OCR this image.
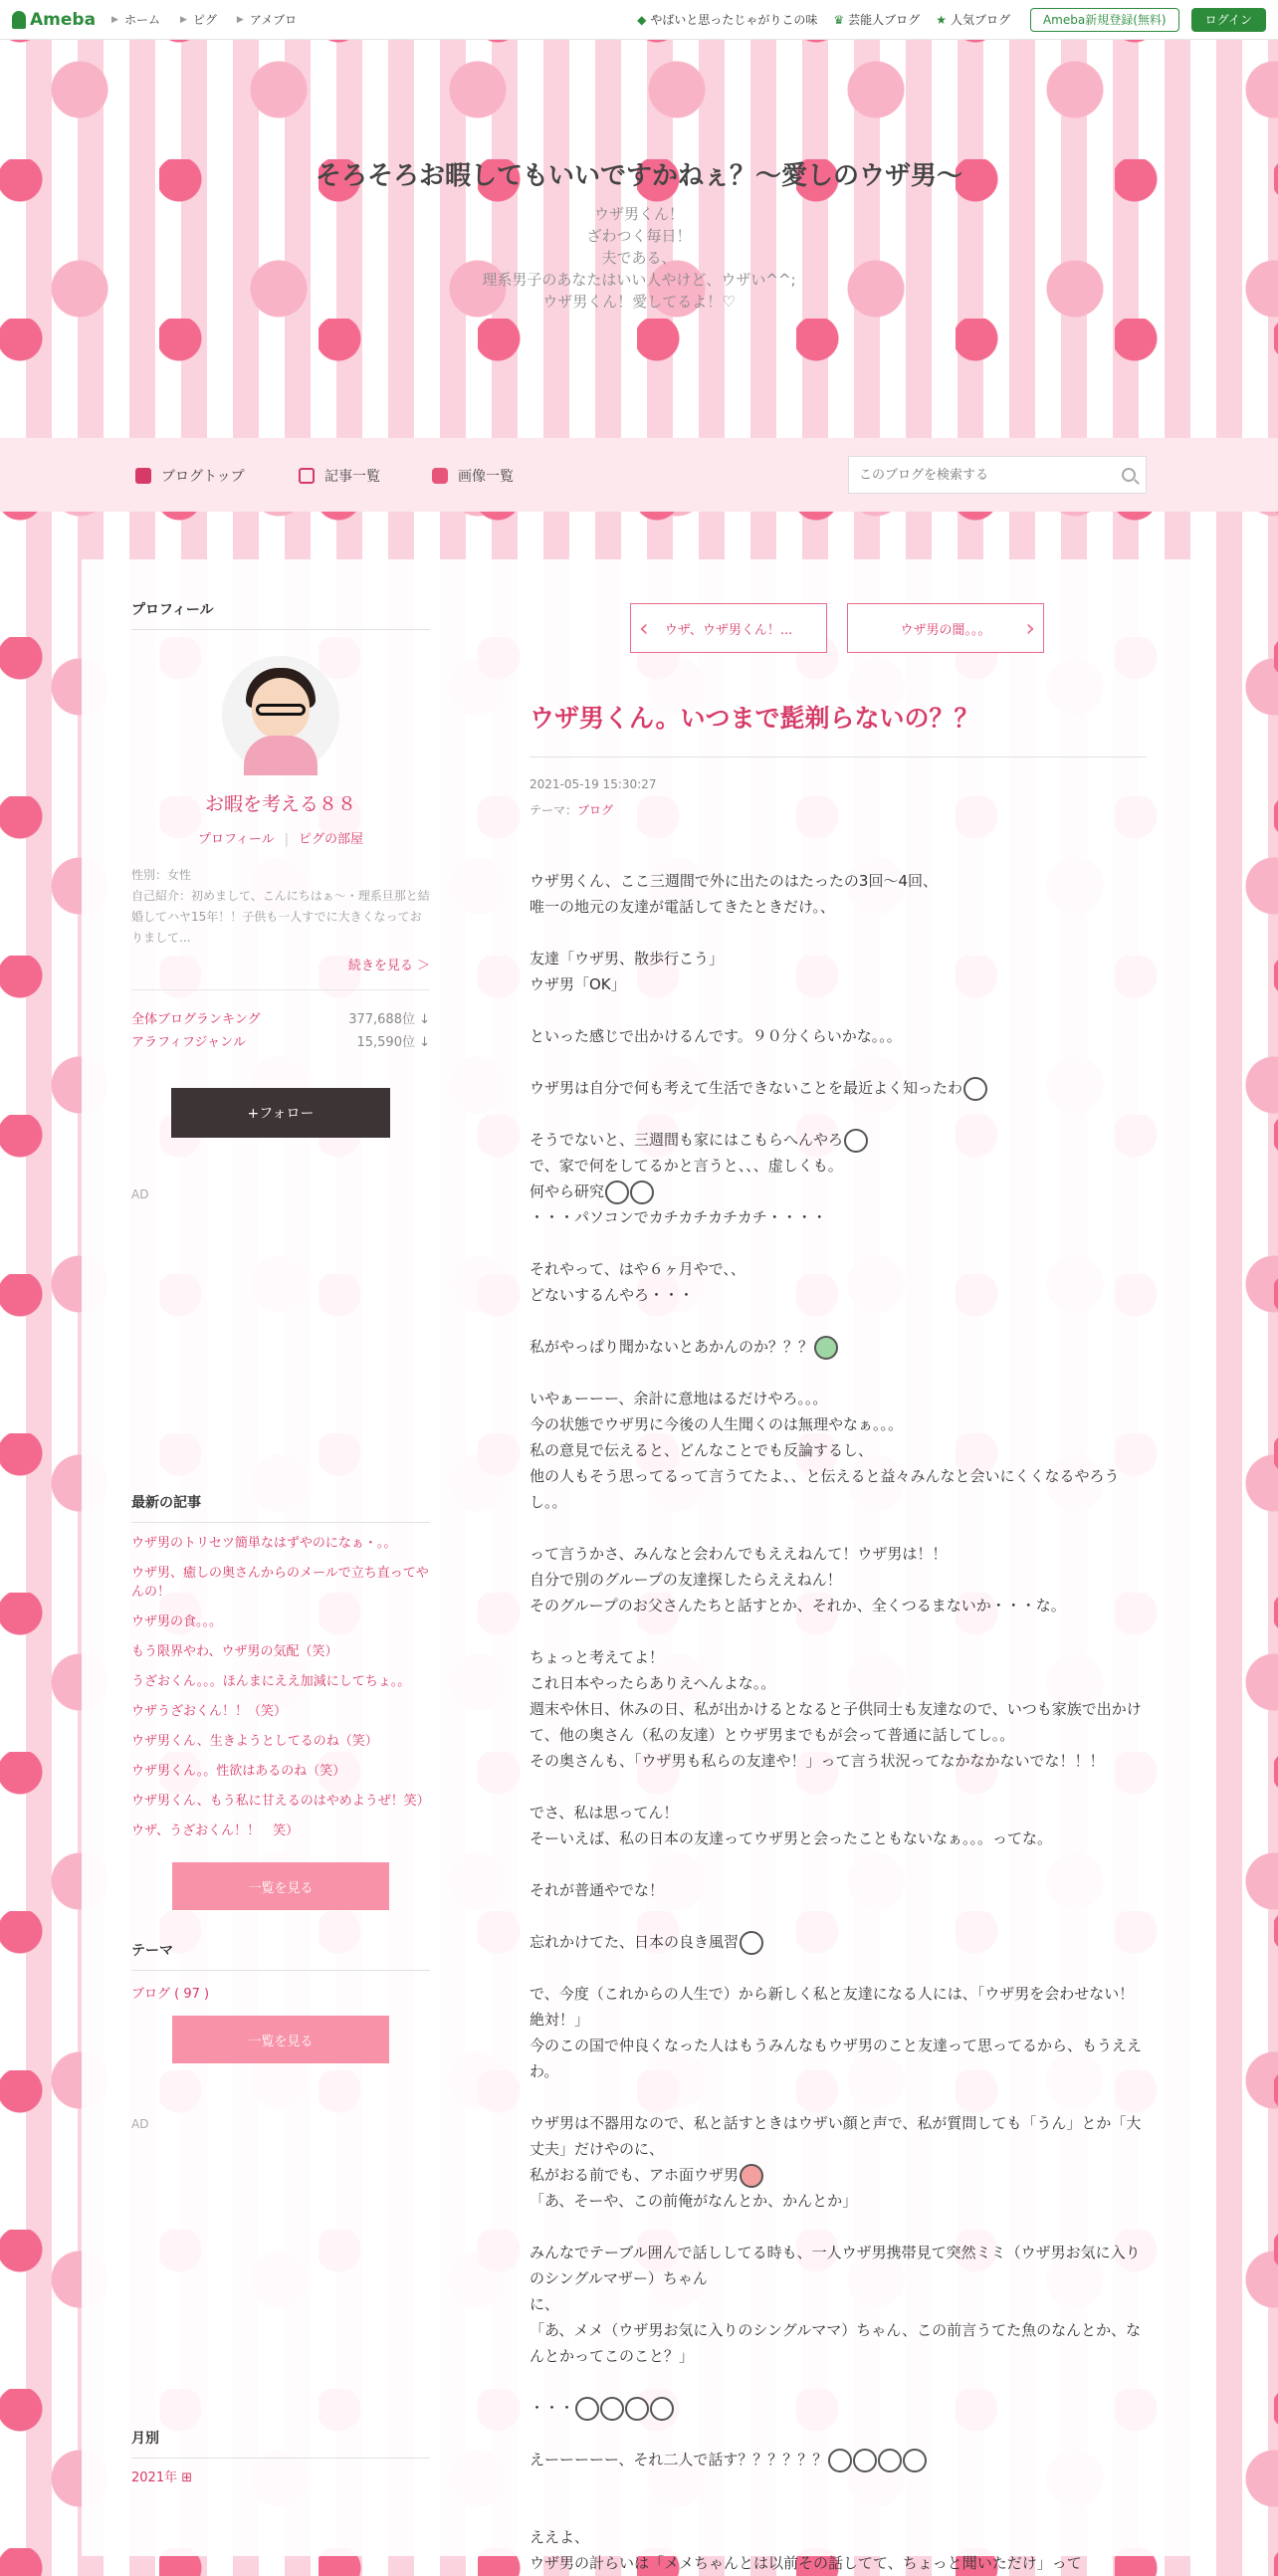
Ameba ▶ ホーム ▶ ピグ ▶ アメブロ	◆ やばいと思ったじゃがりこの味 ♛ 芸能人ブログ ★ 人気ブログ	Ameba新規登録(無料)	ログイン
そろそろお暇してもいいですかねぇ？〜愛しのウザ男〜
ウザ男くん！
ざわつく毎日！
夫である、
理系男子のあなたはいい人やけど、ウザい^^;
ウザ男くん！愛してるよ！♡
ブログトップ	記事一覧	画像一覧
このブログを検索する
プロフィール
お暇を考える８８
プロフィール | ピグの部屋
性別：女性
自己紹介：初めまして、こんにちはぁ〜・理系旦那と結婚してハヤ15年！！子供も一人すでに大きくなっておりまして...
続きを見る ＞
全体ブログランキング	377,688位 ↓
アラフィフジャンル	15,590位 ↓
+フォロー
AD
最新の記事
ウザ男のトリセツ簡単なはずやのになぁ・。。
ウザ男、癒しの奥さんからのメールで立ち直ってやんの！
ウザ男の食。。。
もう限界やわ、ウザ男の気配（笑）
うざおくん。。。ほんまにええ加減にしてちょ。。
ウザうざおくん！！（笑）
ウザ男くん、生きようとしてるのね（笑）
ウザ男くん。。性欲はあるのね（笑）
ウザ男くん、もう私に甘えるのはやめようぜ！笑）
ウザ、うざおくん！！　笑）
一覧を見る
テーマ
ブログ ( 97 )
一覧を見る
AD
月別
2021年 ⊞
‹ ウザ、ウザ男くん！...	ウザ男の闇。。。 ›
ウザ男くん。いつまで髭剃らないの？？
2021-05-19 15:30:27
テーマ：ブログ

ウザ男くん、ここ三週間で外に出たのはたったの3回〜4回、

唯一の地元の友達が電話してきたときだけ。、

友達「ウザ男、散歩行こう」

ウザ男「OK」

といった感じで出かけるんです。９０分くらいかな。。。

ウザ男は自分で何も考えて生活できないことを最近よく知ったわ

そうでないと、三週間も家にはこもらへんやろ

で、家で何をしてるかと言うと、、、虚しくも。

何やら研究

・・・パソコンでカチカチカチカチ・・・・

それやって、はや６ヶ月やで、、

どないするんやろ・・・

私がやっぱり聞かないとあかんのか？？？

いやぁーーー、余計に意地はるだけやろ。。。

今の状態でウザ男に今後の人生聞くのは無理やなぁ。。。

私の意見で伝えると、どんなことでも反論するし、

他の人もそう思ってるって言うてたよ、、と伝えると益々みんなと会いにくくなるやろうし。。

って言うかさ、みんなと会わんでもええねんて！ウザ男は！！

自分で別のグループの友達探したらええねん！

そのグループのお父さんたちと話すとか、それか、全くつるまないか・・・な。

ちょっと考えてよ！

これ日本やったらありえへんよな。。

週末や休日、休みの日、私が出かけるとなると子供同士も友達なので、いつも家族で出かけて、他の奥さん（私の友達）とウザ男までもが会って普通に話してし。。

その奥さんも、「ウザ男も私らの友達や！」って言う状況ってなかなかないでな！！！

でさ、私は思ってん！

そーいえば、私の日本の友達ってウザ男と会ったこともないなぁ。。。ってな。

それが普通やでな！

忘れかけてた、日本の良き風習

で、今度（これからの人生で）から新しく私と友達になる人には、「ウザ男を会わせない！絶対！」

今のこの国で仲良くなった人はもうみんなもウザ男のこと友達って思ってるから、もうええわ。

ウザ男は不器用なので、私と話すときはウザい顔と声で、私が質問しても「うん」とか「大丈夫」だけやのに、

私がおる前でも、アホ面ウザ男

「あ、そーや、この前俺がなんとか、かんとか」

みんなでテーブル囲んで話ししてる時も、一人ウザ男携帯見て突然ミミ（ウザ男お気に入りのシングルマザー）ちゃん

に、

「あ、メメ（ウザ男お気に入りのシングルママ）ちゃん、この前言うてた魚のなんとか、なんとかってこのこと？」

・・・

えーーーーー、それ二人で話す？？？？？？

ええよ、

ウザ男の計らいは「メメちゃんとは以前その話してて、ちょっと聞いただけ」って
